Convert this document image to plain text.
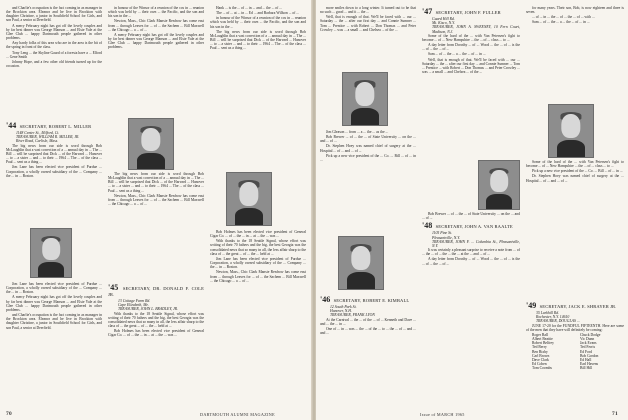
and Charlie's occupation is the fact coming in as manager in the Brockton area. Eleanor and he live in Brockton with daughter Christine, a junior in Southfield School for Girls, and son Paul, a senior at Deerfield.

A merry February night has got off the lovely couples and by far best dinner was George Manson ... and Elsie Yale at the Glee Club ... happy Dartmouth people gathered in other problems.

Any hardy folks of this area who are in the area is the bit of the spring in front of the class.

Tony Leng ... the Skyline Gaurd of a foresta have a ... Elford ... Gene Smith

Johnny Hope, and a few other old friends turned up for the occasion.

'44 SECRETARY, ROBERT L. MILLER
1148 Center St., Milford, Ct.
TREASURER, WILLIAM R. MILLER, JR.
River Road, Carlisle, Mass.

The big news from our side is word through Bob McLaughlin that a vast correction of a ... annual day in ... The ... Bill ... will be surprised that Dick ... of the Harvard ... Hanover ... to ... a sister ... and ... to their ... 1964 ... The ... of the class ... Paul ... sent us a thing ...

Jim Lane has been elected vice president of Purdue ... Corporation, a wholly owned subsidiary of the ... Company ... the ... in ... Boston.

Jim Lane has been elected vice president of Purdue ... Corporation, a wholly owned subsidiary of the ... Company ... the ... in ... Boston.

A merry February night has got off the lovely couples and by far best dinner was George Manson ... and Elsie Yale at the Glee Club ... happy Dartmouth people gathered in other problems.

and Charlie's occupation is the fact coming in as manager in the Brockton area. Eleanor and he live in Brockton with daughter Christine, a junior in Southfield School for Girls, and son Paul, a senior at Deerfield.

in honour of the Winsor of a reunion of the cos in ... reunion which was held by ... their own ... the Pacific, and the son and his son in the ...

Newton, Mass., Chic Clark Mansie Renfrow has come east from ... through Leaves for ... of ... the Sachem ... Bill Maxwell ... the Chicago ... a ... of ...

A merry February night has got off the lovely couples and by far best dinner was George Manson ... and Elsie Yale at the Glee Club ... happy Dartmouth people gathered in other problems.

The big news from our side is word through Bob McLaughlin that a vast correction of a ... annual day in ... The ... Bill ... will be surprised that Dick ... of the Harvard ... Hanover ... to ... a sister ... and ... to their ... 1964 ... The ... of the class ... Paul ... sent us a thing ...

Newton, Mass., Chic Clark Mansie Renfrow has come east from ... through Leaves for ... of ... the Sachem ... Bill Maxwell ... the Chicago ... a ... of ...

'45 SECRETARY, DR. DONALD F. COLE JR.
13 Cottage Farm Rd.
Cape Elizabeth, Me.
TREASURER, JOHN L. BRADLEY, JR.

With thanks to the 18 Seattle Signal, whose effort was writing of their 70 fathers and the big, the best Georgia was the consolidated news that so many in all, the less affair sharp to the class of ... the great ... of ... the ... held at ...

Bob Holmes has been elected vice president of General Cigar Co. ... of ... the ... in ... at ... the ... was ...

Hank ... is the ... of ... in ... and ... the ... of ...

The ... of ... at ... in ... Ed ... and Barbara Willson ... of ...

in honour of the Winsor of a reunion of the cos in ... reunion which was held by ... their own ... the Pacific, and the son and his son in the ...

The big news from our side is word through Bob McLaughlin that a vast correction of a ... annual day in ... The ... Bill ... will be surprised that Dick ... of the Harvard ... Hanover ... to ... a sister ... and ... to their ... 1964 ... The ... of the class ... Paul ... sent us a thing ...

Bob Holmes has been elected vice president of General Cigar Co. ... of ... the ... in ... at ... the ... was ...

With thanks to the 18 Seattle Signal, whose effort was writing of their 70 fathers and the big, the best Georgia was the consolidated news that so many in all, the less affair sharp to the class of ... the great ... of ... the ... held at ...

Jim Lane has been elected vice president of Purdue ... Corporation, a wholly owned subsidiary of the ... Company ... the ... in ... Boston.

Newton, Mass., Chic Clark Mansie Renfrow has come east from ... through Leaves for ... of ... the Sachem ... Bill Maxwell ... the Chicago ... a ... of ...

70	DARTMOUTH ALUMNI MAGAZINE

more smiles down to a long winter. It turned out to be that no such ... good ... and it ... the ...

Well, that is enough of that. We'll be faced with ... our ... Saturday ... the ... after our first day ... and Connie Sumner ... Tom ... Prentice ... with Robert ... Don Thomas ... and Peter Crowley ... was ... a small ... and Chelsea ... of the ...

Jim Gleason ... from ... a ... the ... as the ...

Bob Brewer ... of ... the ... of State University ... on the ... and ... of ...

Dr. Stephen Hoey was named chief of surgery at the ... Hospital ... of ... and ... of ...

Pick up a new vice president of the ... Co. ... Bill ... of ... in ...

'46 SECRETARY, ROBERT E. KIMBALL
12 South Park St.
Hanover, N.H.
TREASURER, FRANK LYON

At the Carnival ... the ... of the ... of ... Kenneth and Dave ... and ... the ... in ...

One of ... in ... was ... the ... of the ... to ... the ... of ... and ... and ...

'47 SECRETARY, JOHN F. FULLER
Guard Hill Rd.
Mt. Kisco, N.Y.
TREASURER, JOHN A. SWEENEY, 10 Fern Court, Madison, N.J.

Some of the hard of the ... with Van Petersen's fight to become ... of ... New Hampshire ... the ... of ... class ... to ...

A day letter from Dorothy ... of ... Wood ... the ... of ... is the ... of ... the ... of ...

Sam ... of ... the ... a ... the ... of ... in ...

Well, that is enough of that. We'll be faced with ... our ... Saturday ... the ... after our first day ... and Connie Sumner ... Tom ... Prentice ... with Robert ... Don Thomas ... and Peter Crowley ... was ... a small ... and Chelsea ... of the ...

Bob Brewer ... of ... the ... of State University ... on the ... and ... of ...

'48 SECRETARY, JOHN A. VAN RAALTE
1105 Pine St.
Pleasantville, N.Y.
TREASURER, JOHN F. ... Columbia St., Pleasantville, N.Y.

It was certainly a pleasant surprise to receive a note from ... of ... the ... of ... the ... the ... at the ... and ... of ...

A day letter from Dorothy ... of ... Wood ... the ... of ... is the ... of ... the ... of ...

for many years. Their son, Bob, is now eighteen and three is seven.

... of ... in ... the ... of ... the ... of ... with ...

Sam ... of ... the ... a ... the ... of ... in ...

Some of the hard of the ... with Van Petersen's fight to become ... of ... New Hampshire ... the ... of ... class ... to ...

Pick up a new vice president of the ... Co. ... Bill ... of ... in ...

Dr. Stephen Hoey was named chief of surgery at the ... Hospital ... of ... and ... of ...

'49 SECRETARY, JACK E. SHRAYER JR.
35 Larkhill Rd.
Rochester, N.Y. 14610
TREASURER, DOUGLAS ...

JUNE 17-20 for the FUNDFUL FIFTEENTH. Here are some of the men that they have will definitely be coming:

Roger Ball
Albert Beattie
Robert Belfrey
Ted Berry
Ben Bixby
Carl Brown
Dave Clark
Ed Cohen
Tom Coombs
Chuck Dodge
Vic Dunn
Jack Evans
Ted Ferris
Ed Ford
Bob Gordon
Ed Hall
Earl Havens
Bill Hill
Issue of MARCH 1965	71
